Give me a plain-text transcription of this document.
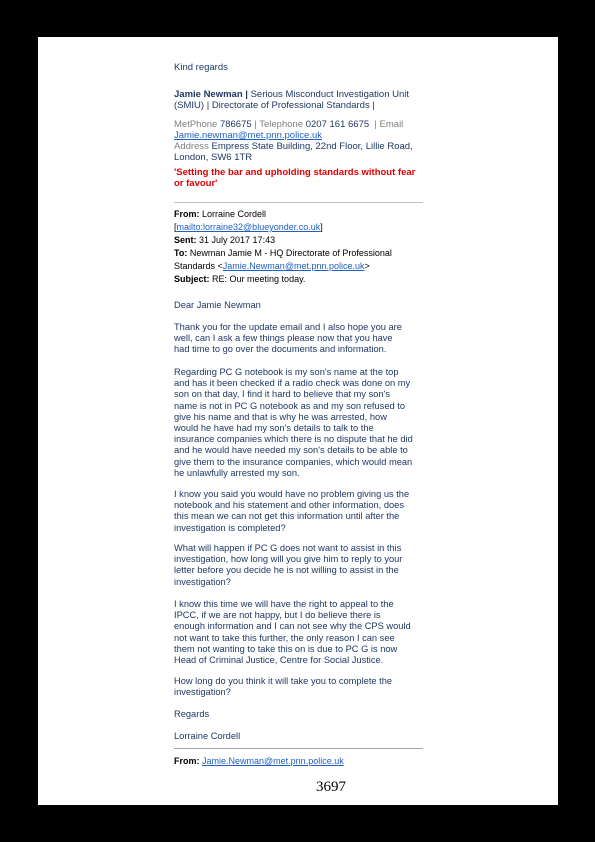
Kind regards
Jamie Newman | Serious Misconduct Investigation Unit
(SMIU) | Directorate of Professional Standards |
MetPhone 786675 | Telephone 0207 161 6675  | Email
Jamie.newman@met.pnn.police.uk
Address Empress State Building, 22nd Floor, Lillie Road,
London, SW6 1TR
'Setting the bar and upholding standards without fear
or favour'
From: Lorraine Cordell
[mailto:lorraine32@blueyonder.co.uk]
Sent: 31 July 2017 17:43
To: Newman Jamie M - HQ Directorate of Professional
Standards <Jamie.Newman@met.pnn.police.uk>
Subject: RE: Our meeting today.
Dear Jamie Newman
Thank you for the update email and I also hope you are
well, can I ask a few things please now that you have
had time to go over the documents and information.
Regarding PC G notebook is my son's name at the top
and has it been checked if a radio check was done on my
son on that day, I find it hard to believe that my son's
name is not in PC G notebook as and my son refused to
give his name and that is why he was arrested, how
would he have had my son's details to talk to the
insurance companies which there is no dispute that he did
and he would have needed my son's details to be able to
give them to the insurance companies, which would mean
he unlawfully arrested my son.
I know you said you would have no problem giving us the
notebook and his statement and other information, does
this mean we can not get this information until after the
investigation is completed?
What will happen if PC G does not want to assist in this
investigation, how long will you give him to reply to your
letter before you decide he is not willing to assist in the
investigation?
I know this time we will have the right to appeal to the
IPCC, if we are not happy, but I do believe there is
enough information and I can not see why the CPS would
not want to take this further, the only reason I can see
them not wanting to take this on is due to PC G is now
Head of Criminal Justice, Centre for Social Justice.
How long do you think it will take you to complete the
investigation?
Regards
Lorraine Cordell
From: Jamie.Newman@met.pnn.police.uk
3697
